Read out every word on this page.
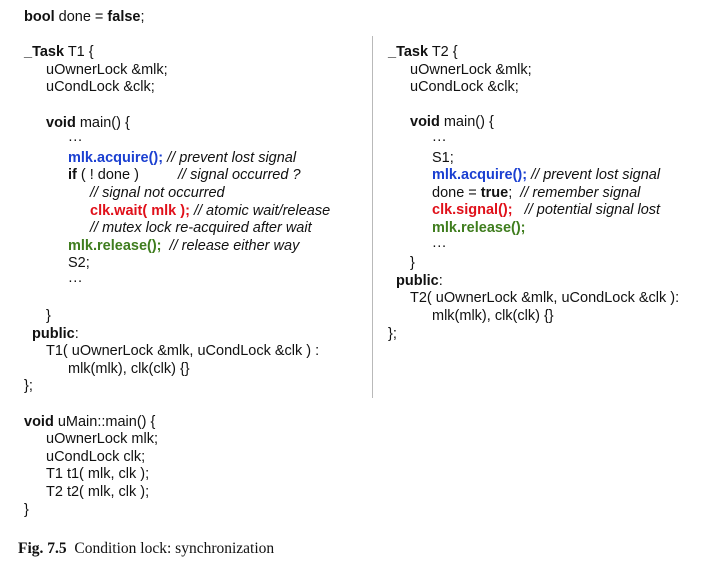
bool done = false;
_Task T1 {
uOwnerLock &mlk;
uCondLock &clk;
void main() {
···
mlk.acquire(); // prevent lost signal
if ( ! done )	// signal occurred ?
// signal not occurred
clk.wait( mlk ); // atomic wait/release
// mutex lock re-acquired after wait
mlk.release();  // release either way
S2;
···
}
public:
T1( uOwnerLock &mlk, uCondLock &clk ) :
mlk(mlk), clk(clk) {}
};
void uMain::main() {
uOwnerLock mlk;
uCondLock clk;
T1 t1( mlk, clk );
T2 t2( mlk, clk );
}
_Task T2 {
uOwnerLock &mlk;
uCondLock &clk;
void main() {
···
S1;
mlk.acquire(); // prevent lost signal
done = true;  // remember signal
clk.signal();   // potential signal lost
mlk.release();
···
}
public:
T2( uOwnerLock &mlk, uCondLock &clk ):
mlk(mlk), clk(clk) {}
};
Fig. 7.5  Condition lock: synchronization
